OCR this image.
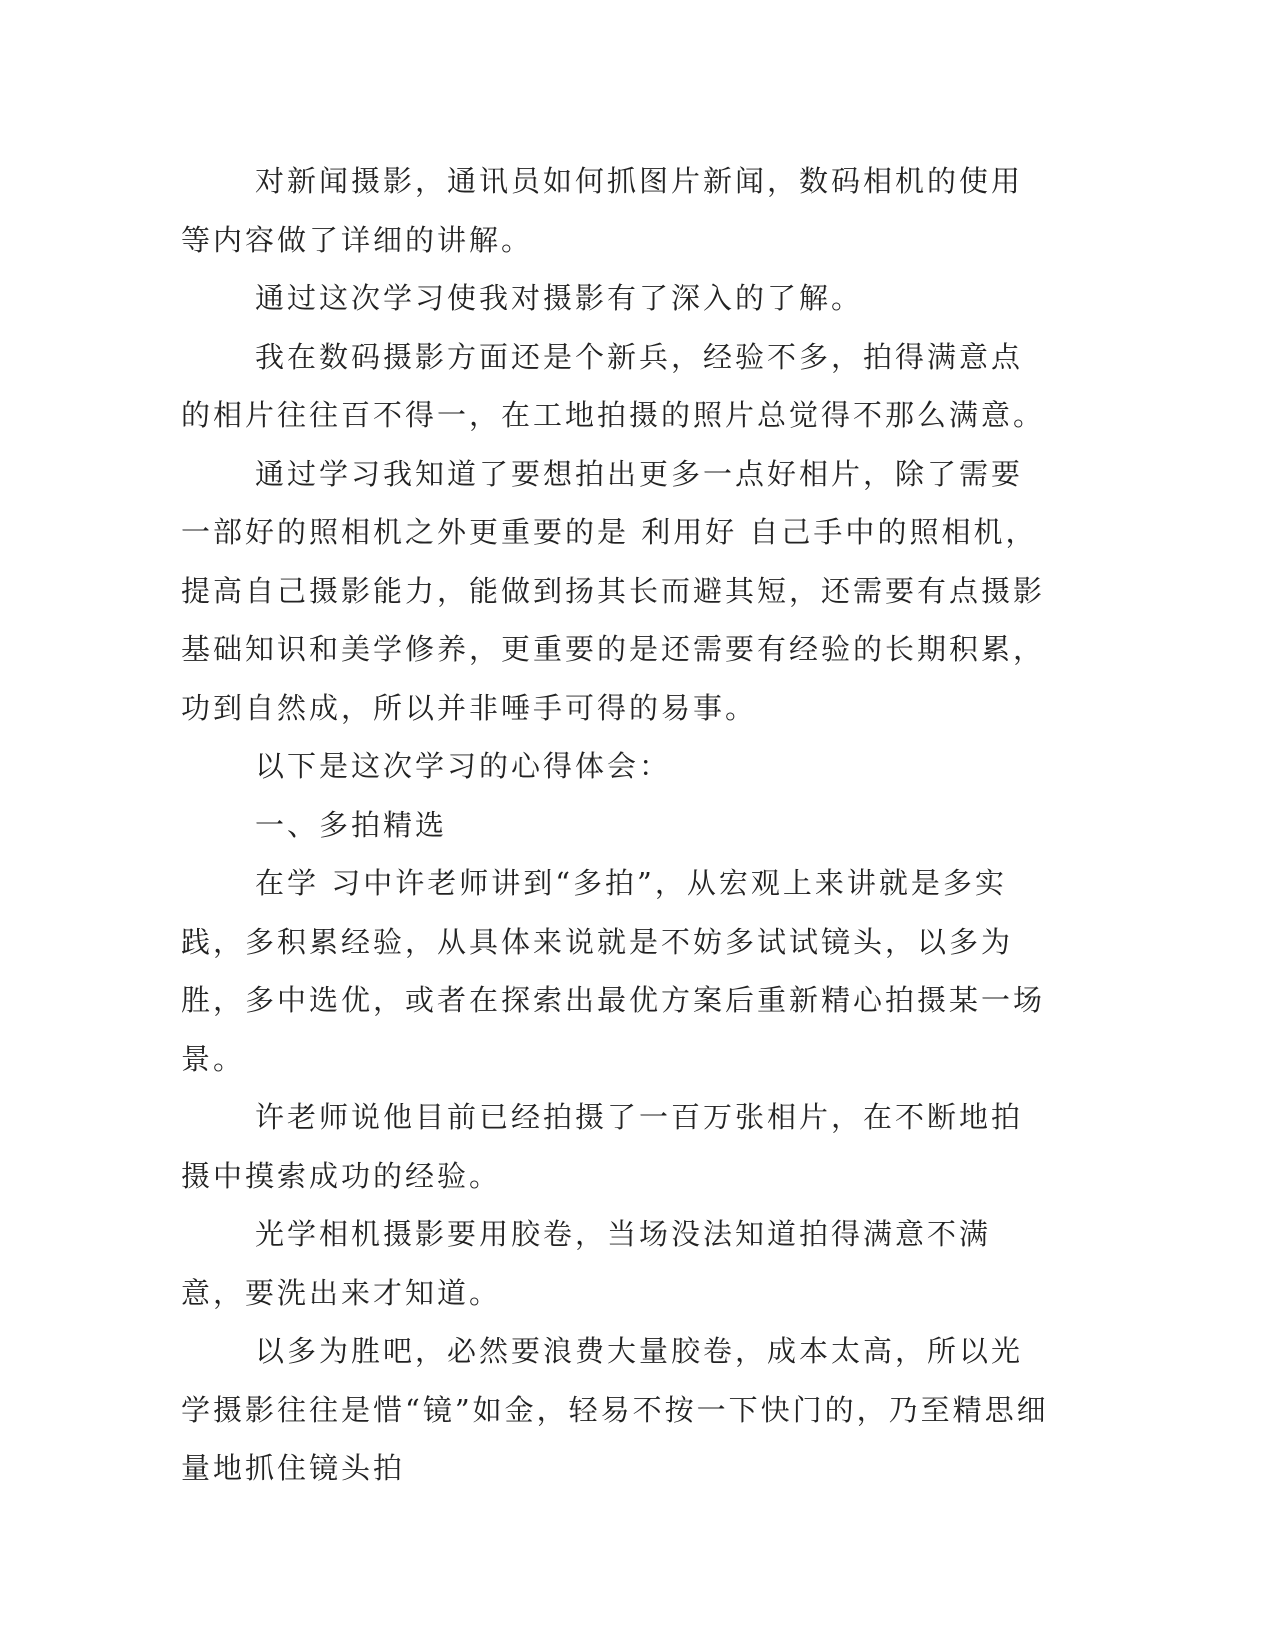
对新闻摄影，通讯员如何抓图片新闻，数码相机的使用等内容做了详细的讲解。

通过这次学习使我对摄影有了深入的了解。

我在数码摄影方面还是个新兵，经验不多，拍得满意点的相片往往百不得一，在工地拍摄的照片总觉得不那么满意。

通过学习我知道了要想拍出更多一点好相片，除了需要一部好的照相机之外更重要的是 利用好 自己手中的照相机，提高自己摄影能力，能做到扬其长而避其短，还需要有点摄影基础知识和美学修养，更重要的是还需要有经验的长期积累，功到自然成，所以并非唾手可得的易事。

以下是这次学习的心得体会：

一、多拍精选

在学 习中许老师讲到“多拍”，从宏观上来讲就是多实践，多积累经验，从具体来说就是不妨多试试镜头，以多为胜，多中选优，或者在探索出最优方案后重新精心拍摄某一场景。

许老师说他目前已经拍摄了一百万张相片，在不断地拍摄中摸索成功的经验。

光学相机摄影要用胶卷，当场没法知道拍得满意不满意，要洗出来才知道。

以多为胜吧，必然要浪费大量胶卷，成本太高，所以光学摄影往往是惜“镜”如金，轻易不按一下快门的，乃至精思细量地抓住镜头拍
